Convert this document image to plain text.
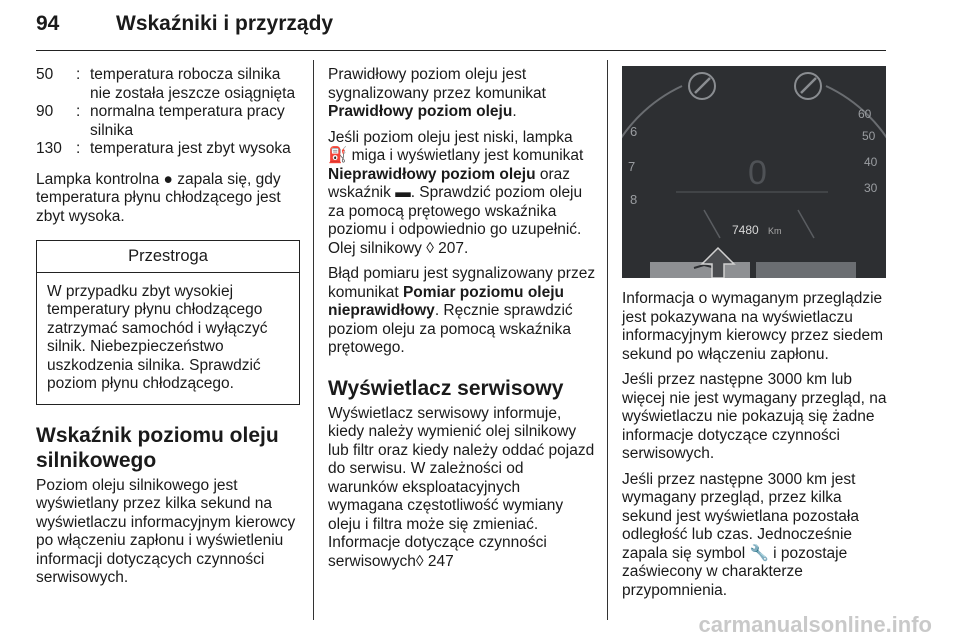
94	Wskaźniki i przyrządy
50	: temperatura robocza silnika nie została jeszcze osiągnięta
90	: normalna temperatura pracy silnika
130 : temperatura jest zbyt wysoka

Lampka kontrolna ● zapala się, gdy temperatura płynu chłodzącego jest zbyt wysoka.

Przestroga
W przypadku zbyt wysokiej temperatury płynu chłodzącego zatrzymać samochód i wyłączyć silnik. Niebezpieczeństwo uszkodzenia silnika. Sprawdzić poziom płynu chłodzącego.
Wskaźnik poziomu oleju silnikowego

Poziom oleju silnikowego jest wyświetlany przez kilka sekund na wyświetlaczu informacyjnym kierowcy po włączeniu zapłonu i wyświetleniu informacji dotyczących czynności serwisowych.

Prawidłowy poziom oleju jest sygnalizowany przez komunikat Prawidłowy poziom oleju.

Jeśli poziom oleju jest niski, lampka ⛽ miga i wyświetlany jest komunikat Nieprawidłowy poziom oleju oraz wskaźnik ▬. Sprawdzić poziom oleju za pomocą prętowego wskaźnika poziomu i odpowiednio go uzupełnić. Olej silnikowy ◊ 207.

Błąd pomiaru jest sygnalizowany przez komunikat Pomiar poziomu oleju nieprawidłowy. Ręcznie sprawdzić poziom oleju za pomocą wskaźnika prętowego.

Wyświetlacz serwisowy

Wyświetlacz serwisowy informuje, kiedy należy wymienić olej silnikowy lub filtr oraz kiedy należy oddać pojazd do serwisu. W zależności od warunków eksploatacyjnych wymagana częstotliwość wymiany oleju i filtra może się zmieniać. Informacje dotyczące czynności serwisowych◊ 247

6
7
8
60
50
40
30
0
7480 Km

Informacja o wymaganym przeglądzie jest pokazywana na wyświetlaczu informacyjnym kierowcy przez siedem sekund po włączeniu zapłonu.

Jeśli przez następne 3000 km lub więcej nie jest wymagany przegląd, na wyświetlaczu nie pokazują się żadne informacje dotyczące czynności serwisowych.

Jeśli przez następne 3000 km jest wymagany przegląd, przez kilka sekund jest wyświetlana pozostała odległość lub czas. Jednocześnie zapala się symbol 🔧 i pozostaje zaświecony w charakterze przypomnienia.

carmanualsonline.info
